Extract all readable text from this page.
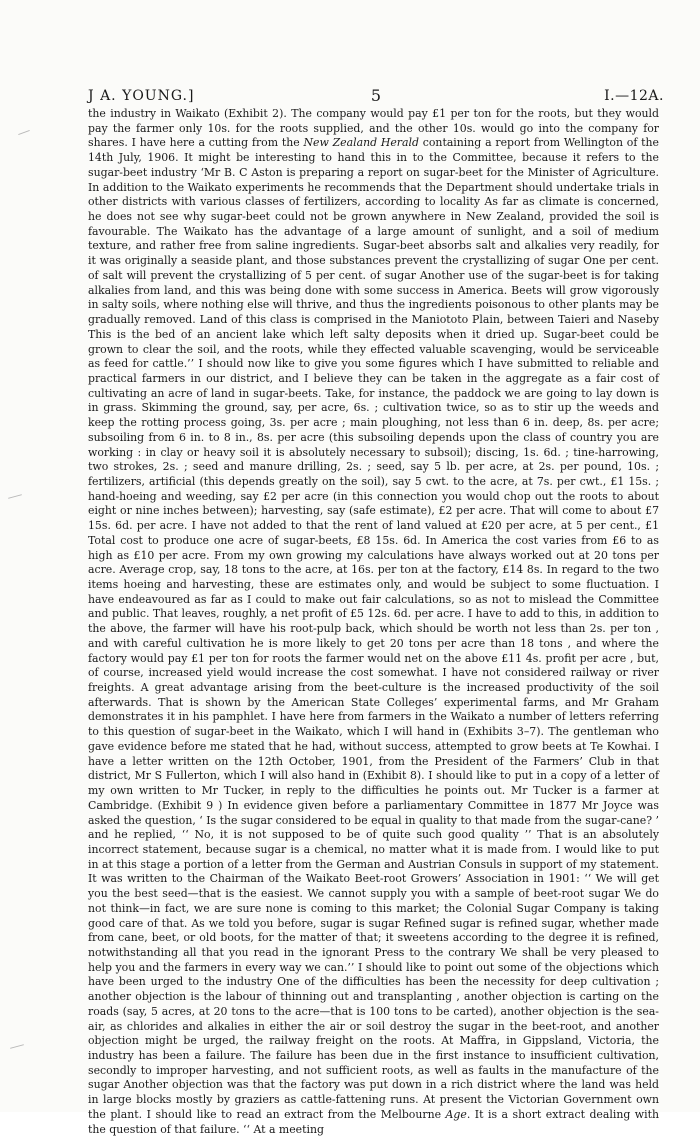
J A. YOUNG.]	5	I.—12A.

the industry in Waikato (Exhibit 2). The company would pay £1 per ton for the roots, but they would pay the farmer only 10s. for the roots supplied, and the other 10s. would go into the company for shares. I have here a cutting from the New Zealand Herald containing a report from Wellington of the 14th July, 1906. It might be interesting to hand this in to the Committee, because it refers to the sugar-beet industry ‘Mr B. C Aston is preparing a report on sugar-beet for the Minister of Agriculture. In addition to the Waikato experiments he recommends that the Department should undertake trials in other districts with various classes of fertilizers, according to locality As far as climate is concerned, he does not see why sugar-beet could not be grown anywhere in New Zealand, provided the soil is favourable. The Waikato has the advantage of a large amount of sunlight, and a soil of medium texture, and rather free from saline ingredients. Sugar-beet absorbs salt and alkalies very readily, for it was originally a seaside plant, and those substances prevent the crystallizing of sugar One per cent. of salt will prevent the crystallizing of 5 per cent. of sugar Another use of the sugar-beet is for taking alkalies from land, and this was being done with some success in America. Beets will grow vigorously in salty soils, where nothing else will thrive, and thus the ingredients poisonous to other plants may be gradually removed. Land of this class is comprised in the Maniototo Plain, between Taieri and Naseby This is the bed of an ancient lake which left salty deposits when it dried up. Sugar-beet could be grown to clear the soil, and the roots, while they effected valuable scavenging, would be serviceable as feed for cattle.’’ I should now like to give you some figures which I have submitted to reliable and practical farmers in our district, and I believe they can be taken in the aggregate as a fair cost of cultivating an acre of land in sugar-beets. Take, for instance, the paddock we are going to lay down is in grass. Skimming the ground, say, per acre, 6s. ; cultivation twice, so as to stir up the weeds and keep the rotting process going, 3s. per acre ; main ploughing, not less than 6 in. deep, 8s. per acre; subsoiling from 6 in. to 8 in., 8s. per acre (this subsoiling depends upon the class of country you are working : in clay or heavy soil it is absolutely necessary to subsoil); discing, 1s. 6d. ; tine-harrowing, two strokes, 2s. ; seed and manure drilling, 2s. ; seed, say 5 lb. per acre, at 2s. per pound, 10s. ; fertilizers, artificial (this depends greatly on the soil), say 5 cwt. to the acre, at 7s. per cwt., £1 15s. ; hand-hoeing and weeding, say £2 per acre (in this connection you would chop out the roots to about eight or nine inches between); harvesting, say (safe estimate), £2 per acre. That will come to about £7 15s. 6d. per acre. I have not added to that the rent of land valued at £20 per acre, at 5 per cent., £1 Total cost to produce one acre of sugar-beets, £8 15s. 6d. In America the cost varies from £6 to as high as £10 per acre. From my own growing my calculations have always worked out at 20 tons per acre. Average crop, say, 18 tons to the acre, at 16s. per ton at the factory, £14 8s. In regard to the two items hoeing and harvesting, these are estimates only, and would be subject to some fluctuation. I have endeavoured as far as I could to make out fair calculations, so as not to mislead the Committee and public. That leaves, roughly, a net profit of £5 12s. 6d. per acre. I have to add to this, in addition to the above, the farmer will have his root-pulp back, which should be worth not less than 2s. per ton , and with careful cultivation he is more likely to get 20 tons per acre than 18 tons , and where the factory would pay £1 per ton for roots the farmer would net on the above £11 4s. profit per acre , but, of course, increased yield would increase the cost somewhat. I have not considered railway or river freights. A great advantage arising from the beet-culture is the increased productivity of the soil afterwards. That is shown by the American State Colleges’ experimental farms, and Mr Graham demonstrates it in his pamphlet. I have here from farmers in the Waikato a number of letters referring to this question of sugar-beet in the Waikato, which I will hand in (Exhibits 3–7). The gentleman who gave evidence before me stated that he had, without success, attempted to grow beets at Te Kowhai. I have a letter written on the 12th October, 1901, from the President of the Farmers’ Club in that district, Mr S Fullerton, which I will also hand in (Exhibit 8). I should like to put in a copy of a letter of my own written to Mr Tucker, in reply to the difficulties he points out. Mr Tucker is a farmer at Cambridge. (Exhibit 9 ) In evidence given before a parliamentary Committee in 1877 Mr Joyce was asked the question, ‘ Is the sugar considered to be equal in quality to that made from the sugar-cane? ’ and he replied, ‘‘ No, it is not supposed to be of quite such good quality ’’ That is an absolutely incorrect statement, because sugar is a chemical, no matter what it is made from. I would like to put in at this stage a portion of a letter from the German and Austrian Consuls in support of my statement. It was written to the Chairman of the Waikato Beet-root Growers’ Association in 1901: ‘‘ We will get you the best seed—that is the easiest. We cannot supply you with a sample of beet-root sugar We do not think—in fact, we are sure none is coming to this market; the Colonial Sugar Company is taking good care of that. As we told you before, sugar is sugar Refined sugar is refined sugar, whether made from cane, beet, or old boots, for the matter of that; it sweetens according to the degree it is refined, notwithstanding all that you read in the ignorant Press to the contrary We shall be very pleased to help you and the farmers in every way we can.’’ I should like to point out some of the objections which have been urged to the industry One of the difficulties has been the necessity for deep cultivation ; another objection is the labour of thinning out and transplanting , another objection is carting on the roads (say, 5 acres, at 20 tons to the acre—that is 100 tons to be carted), another objection is the sea-air, as chlorides and alkalies in either the air or soil destroy the sugar in the beet-root, and another objection might be urged, the railway freight on the roots. At Maffra, in Gippsland, Victoria, the industry has been a failure. The failure has been due in the first instance to insufficient cultivation, secondly to improper harvesting, and not sufficient roots, as well as faults in the manufacture of the sugar Another objection was that the factory was put down in a rich district where the land was held in large blocks mostly by graziers as cattle-fattening runs. At present the Victorian Government own the plant. I should like to read an extract from the Melbourne Age. It is a short extract dealing with the question of that failure. ‘‘ At a meeting
